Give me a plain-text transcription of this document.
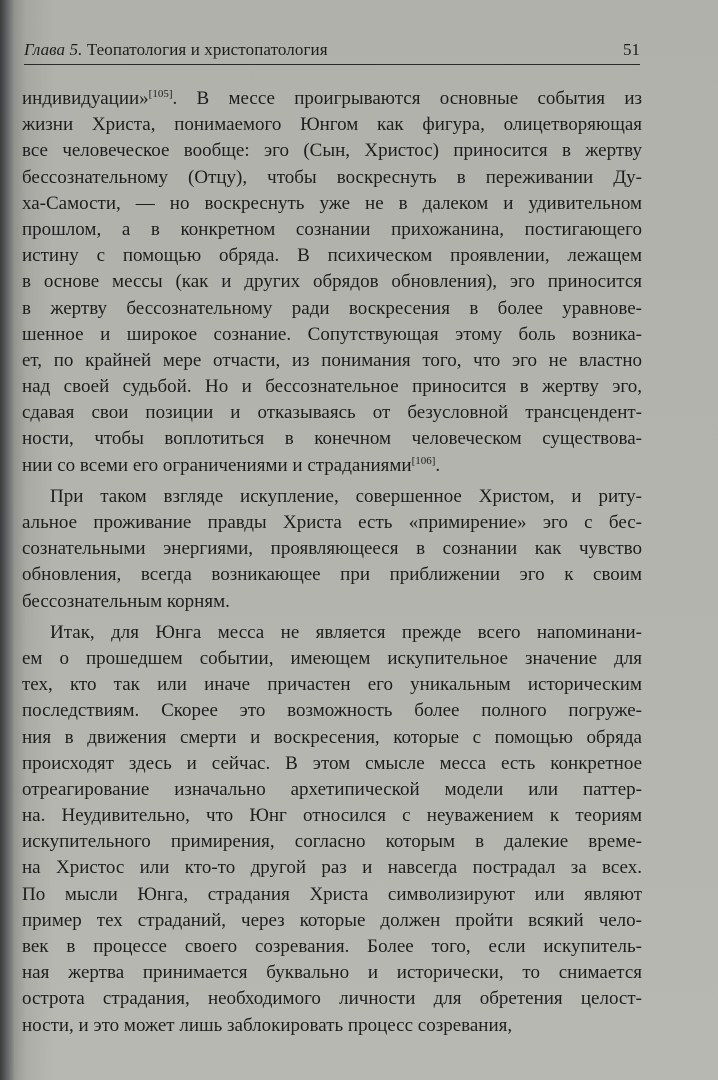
Глава 5. Теопатология и христопатология	51
индивидуации»[105]. В мессе проигрываются основные события из
жизни Христа, понимаемого Юнгом как фигура, олицетворяющая
все человеческое вообще: эго (Сын, Христос) приносится в жертву
бессознательному (Отцу), чтобы воскреснуть в переживании Ду-
ха-Самости, — но воскреснуть уже не в далеком и удивительном
прошлом, а в конкретном сознании прихожанина, постигающего
истину с помощью обряда. В психическом проявлении, лежащем
в основе мессы (как и других обрядов обновления), эго приносится
в жертву бессознательному ради воскресения в более уравнове-
шенное и широкое сознание. Сопутствующая этому боль возника-
ет, по крайней мере отчасти, из понимания того, что эго не властно
над своей судьбой. Но и бессознательное приносится в жертву эго,
сдавая свои позиции и отказываясь от безусловной трансцендент-
ности, чтобы воплотиться в конечном человеческом существова-
нии со всеми его ограничениями и страданиями[106].
При таком взгляде искупление, совершенное Христом, и риту-
альное проживание правды Христа есть «примирение» эго с бес-
сознательными энергиями, проявляющееся в сознании как чувство
обновления, всегда возникающее при приближении эго к своим
бессознательным корням.
Итак, для Юнга месса не является прежде всего напоминани-
ем о прошедшем событии, имеющем искупительное значение для
тех, кто так или иначе причастен его уникальным историческим
последствиям. Скорее это возможность более полного погруже-
ния в движения смерти и воскресения, которые с помощью обряда
происходят здесь и сейчас. В этом смысле месса есть конкретное
отреагирование изначально архетипической модели или паттер-
на. Неудивительно, что Юнг относился с неуважением к теориям
искупительного примирения, согласно которым в далекие време-
на Христос или кто-то другой раз и навсегда пострадал за всех.
По мысли Юнга, страдания Христа символизируют или являют
пример тех страданий, через которые должен пройти всякий чело-
век в процессе своего созревания. Более того, если искупитель-
ная жертва принимается буквально и исторически, то снимается
острота страдания, необходимого личности для обретения целост-
ности, и это может лишь заблокировать процесс созревания,
